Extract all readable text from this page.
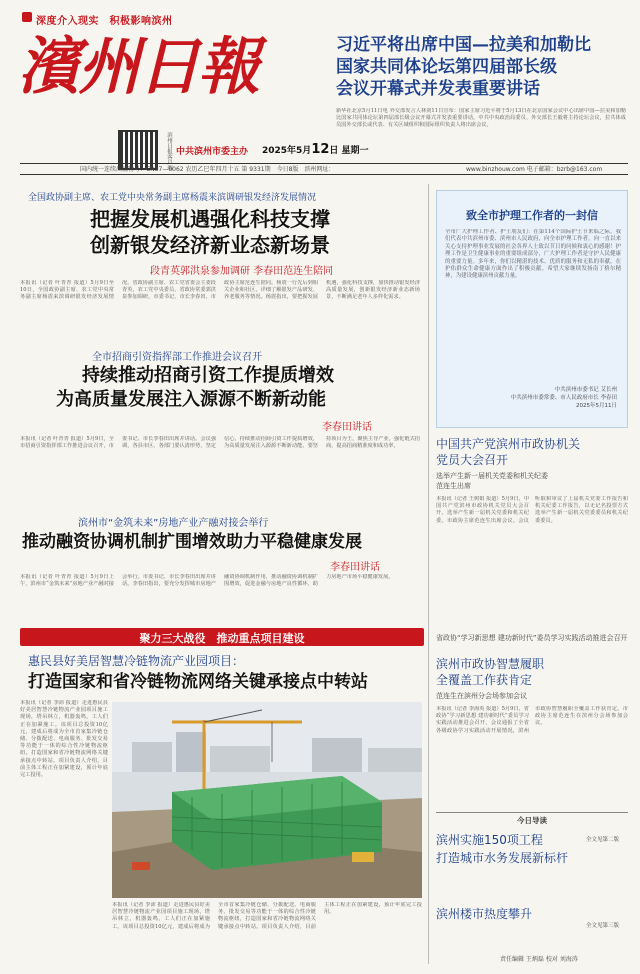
深度介入现实　积极影响滨州
濱州日報
滨州日报客户端 中共滨州市委主办 2025年5月12日 星期一
习近平将出席中国—拉美和加勒比
国家共同体论坛第四届部长级
会议开幕式并发表重要讲话
新华社北京5月11日电 外交部发言人林剑11日宣布：国家主席习近平将于5月13日在北京国家会议中心出席中国—拉美和加勒比国家共同体论坛第四届部长级会议开幕式并发表重要讲话。中共中央政治局委员、外交部长王毅将主持论坛会议，拉共体成员国外交部长或代表、有关区域组织和国际组织负责人将出席会议。
国内统一连续出版物号：CN37—0062 农历乙巳年四月十五 第 9331期　今日8版　滨州网址：	www.binzhouw.com 电子邮箱：bzrb@163.com
全国政协副主席、农工党中央常务副主席杨震来滨调研银发经济发展情况
把握发展机遇强化科技支撑
创新银发经济新业态新场景
段青英郭洪泉参加调研 李春田范连生陪同
本报讯（记者 叶青青 报道）5月9日至10日，全国政协副主席、农工党中央常务副主席杨震来滨调研银发经济发展情况。省政协副主席、农工党省委会主委段青英，农工党中央委员、省政协常委郭洪泉参加调研，市委书记、市长李春田，市政协主席范连生陪同。杨震一行先后到相关企业和社区，详细了解银发产品研发、养老服务等情况。杨震指出，要把握发展机遇，强化科技支撑，加快推动银发经济高质量发展，创新银发经济新业态新场景，不断满足老年人多样化需求。
全市招商引资指挥部工作推进会议召开
持续推动招商引资工作提质增效
为高质量发展注入源源不断新动能
李春田讲话
本报讯（记者 叶青青 报道）5月9日，全市招商引资指挥部工作推进会议召开，市委书记、市长李春田出席并讲话。会议强调，各县市区、各部门要认清形势，坚定信心，持续推动招商引资工作提质增效，为高质量发展注入源源不断新动能。要坚持项目为王，聚焦主导产业，强化链式招商，提高招商精准度和成功率。
滨州市“金筑未来”房地产业产融对接会举行
推动融资协调机制扩围增效助力平稳健康发展
李春田讲话
本报讯（记者 叶青青 报道）5月9日上午，滨州市“金筑未来”房地产业产融对接会举行。市委书记、市长李春田出席并讲话。李春田指出，要充分发挥城市房地产融资协调机制作用，推动融资协调机制扩围增效，促进金融与房地产良性循环，助力房地产市场平稳健康发展。
聚力三大战役　推动重点项目建设
惠民县好美居智慧冷链物流产业园项目：
打造国家和省冷链物流网络关键承接点中转站
本报讯（记者 李沛 报道）走进惠民县好美居智慧冷链物流产业园项目施工现场，塔吊林立，机器轰鸣，工人们正在加紧施工。该项目总投资10亿元，建成后将成为全市首家集冷链仓储、分拨配送、电商服务、批发交易等功能于一体的综合性冷链物流枢纽，打造国家和省冷链物流网络关键承接点中转站。项目负责人介绍，目前主体工程正在加紧建设，预计年底完工投用。
本报讯（记者 李沛 报道）走进惠民县好美居智慧冷链物流产业园项目施工现场，塔吊林立，机器轰鸣，工人们正在加紧施工。该项目总投资10亿元，建成后将成为全市首家集冷链仓储、分拨配送、电商服务、批发交易等功能于一体的综合性冷链物流枢纽，打造国家和省冷链物流网络关键承接点中转站。项目负责人介绍，目前主体工程正在加紧建设，预计年底完工投用。
致全市护理工作者的一封信
全市广大护理工作者、护士朋友们：在第114个国际护士节来临之际，我们代表中共滨州市委、滨州市人民政府，向全市护理工作者，向一直以来关心支持护理事业发展的社会各界人士致以节日的问候和衷心的感谢！护理工作是卫生健康事业的重要组成部分，广大护理工作者是守护人民健康的重要力量。多年来，你们以精湛的技术、优质的服务和无私的奉献，在护佑群众生命健康方面作出了积极贡献。希望大家继续发扬南丁格尔精神，为建设健康滨州贡献力量。
中共滨州市委书记 艾长州
中共滨州市委常委、市人民政府市长 李春田
2025年5月11日
中国共产党滨州市政协机关
党员大会召开
选举产生新一届机关党委和机关纪委
范连生出席
本报讯（记者 王树娟 报道）5月9日，中国共产党滨州市政协机关党员大会召开，选举产生新一届机关党委和机关纪委。市政协主席范连生出席会议。会议听取和审议了上届机关党委工作报告和机关纪委工作报告，以无记名投票方式选举产生新一届机关党委委员和机关纪委委员。
省政协“学习新思想 建功新时代”委员学习实践活动推进会召开
滨州市政协智慧履职
全覆盖工作获肯定
范连生在滨州分会场参加会议
本报讯（记者 李海英 报道）5月9日，省政协“学习新思想 建功新时代”委员学习实践活动推进会召开，会议通报了全省各级政协学习实践活动开展情况，滨州市政协智慧履职全覆盖工作获肯定。市政协主席范连生在滨州分会场参加会议。
今日导读
滨州实施150项工程
打造城市水务发展新标杆
全文见第二版
滨州楼市热度攀升
全文见第三版
责任编辑 王炳磊 校对 刘海涛
